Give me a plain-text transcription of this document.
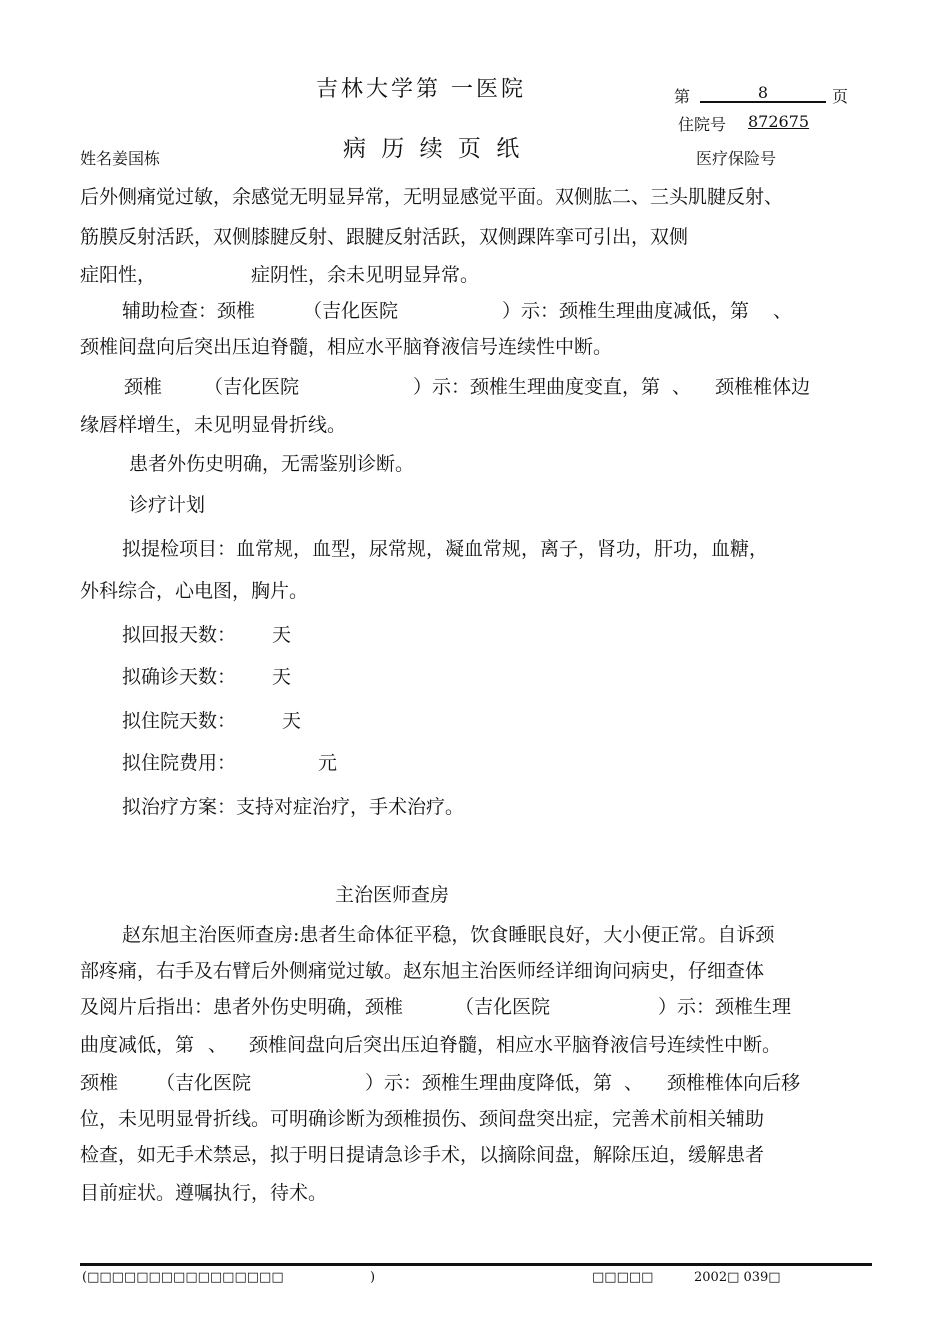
吉林大学第 一医院
病 历 续 页 纸
姓名姜国栋
第	8	页
住院号 872675
医疗保险号
后外侧痛觉过敏，余感觉无明显异常，无明显感觉平面。双侧肱二、三头肌腱反射、
筋膜反射活跃，双侧膝腱反射、跟腱反射活跃，双侧踝阵挛可引出，双侧
症阳性，	症阴性，余未见明显异常。
辅助检查：颈椎	（吉化医院	）示：颈椎生理曲度减低，第 、
颈椎间盘向后突出压迫脊髓，相应水平脑脊液信号连续性中断。
颈椎 （吉化医院	）示：颈椎生理曲度变直，第 、 颈椎椎体边
缘唇样增生，未见明显骨折线。
患者外伤史明确，无需鉴别诊断。
诊疗计划
拟提检项目：血常规，血型，尿常规，凝血常规，离子，肾功，肝功，血糖，
外科综合，心电图，胸片。
拟回报天数： 天
拟确诊天数： 天
拟住院天数： 天
拟住院费用：	元
拟治疗方案：支持对症治疗，手术治疗。
主治医师查房
赵东旭主治医师查房:患者生命体征平稳，饮食睡眠良好，大小便正常。自诉颈
部疼痛，右手及右臂后外侧痛觉过敏。赵东旭主治医师经详细询问病史，仔细查体
及阅片后指出：患者外伤史明确，颈椎	（吉化医院	）示：颈椎生理
曲度减低，第 、 颈椎间盘向后突出压迫脊髓，相应水平脑脊液信号连续性中断。
颈椎 （吉化医院	）示：颈椎生理曲度降低，第 、 颈椎椎体向后移
位，未见明显骨折线。可明确诊断为颈椎损伤、颈间盘突出症，完善术前相关辅助
检查，如无手术禁忌，拟于明日提请急诊手术，以摘除间盘，解除压迫，缓解患者
目前症状。遵嘱执行，待术。
(□□□□□□□□□□□□□□□□	)	□□□□□	2002□ 039□
